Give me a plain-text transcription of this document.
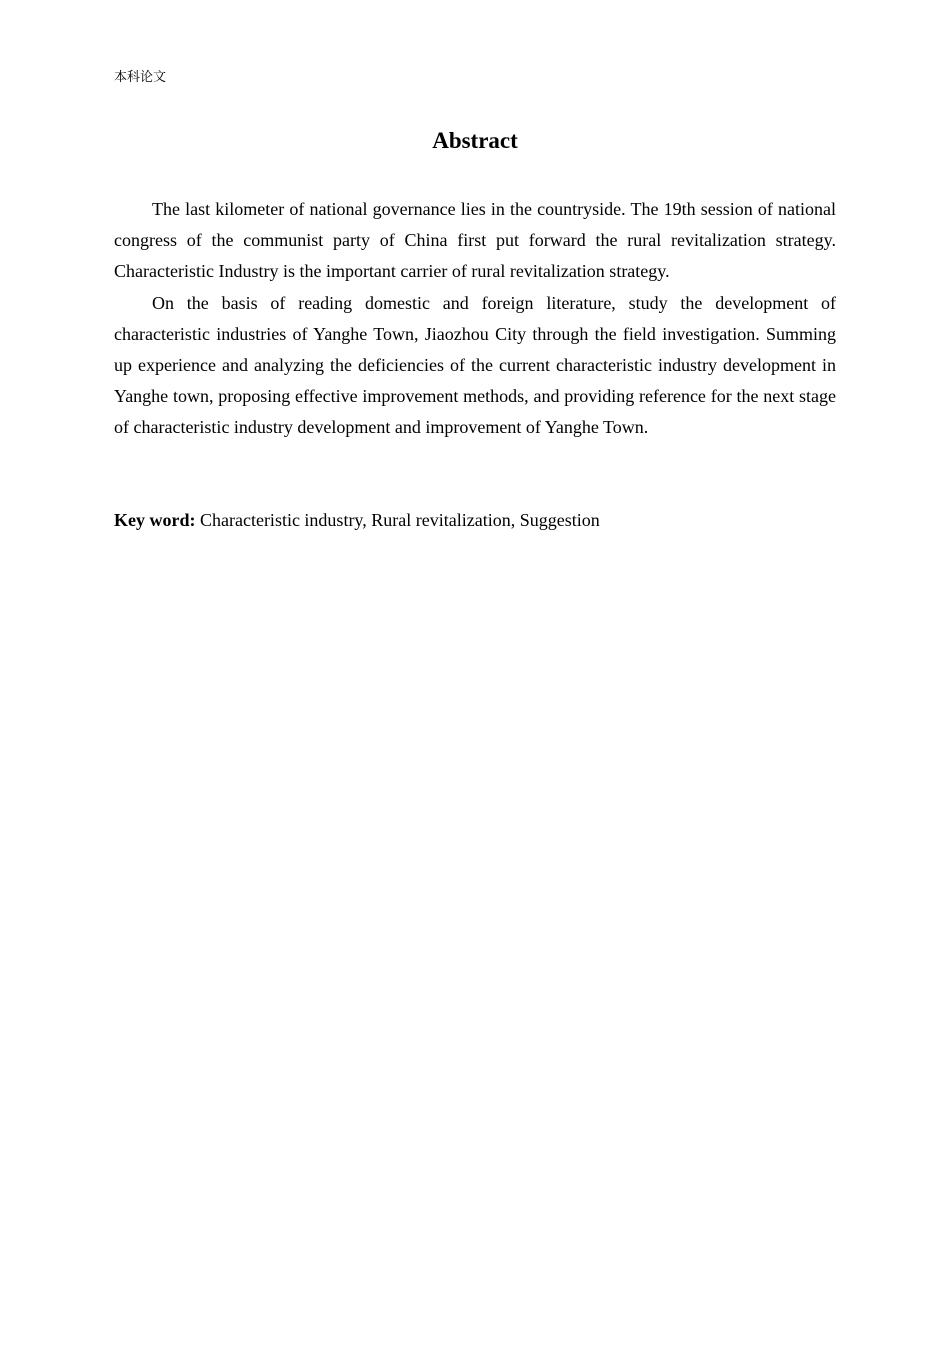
本科论文
Abstract

The last kilometer of national governance lies in the countryside. The 19th session of national congress of the communist party of China first put forward the rural revitalization strategy. Characteristic Industry is the important carrier of rural revitalization strategy.

On the basis of reading domestic and foreign literature, study the development of characteristic industries of Yanghe Town, Jiaozhou City through the field investigation. Summing up experience and analyzing the deficiencies of the current characteristic industry development in Yanghe town, proposing effective improvement methods, and providing reference for the next stage of characteristic industry development and improvement of Yanghe Town.

Key word: Characteristic industry, Rural revitalization, Suggestion
